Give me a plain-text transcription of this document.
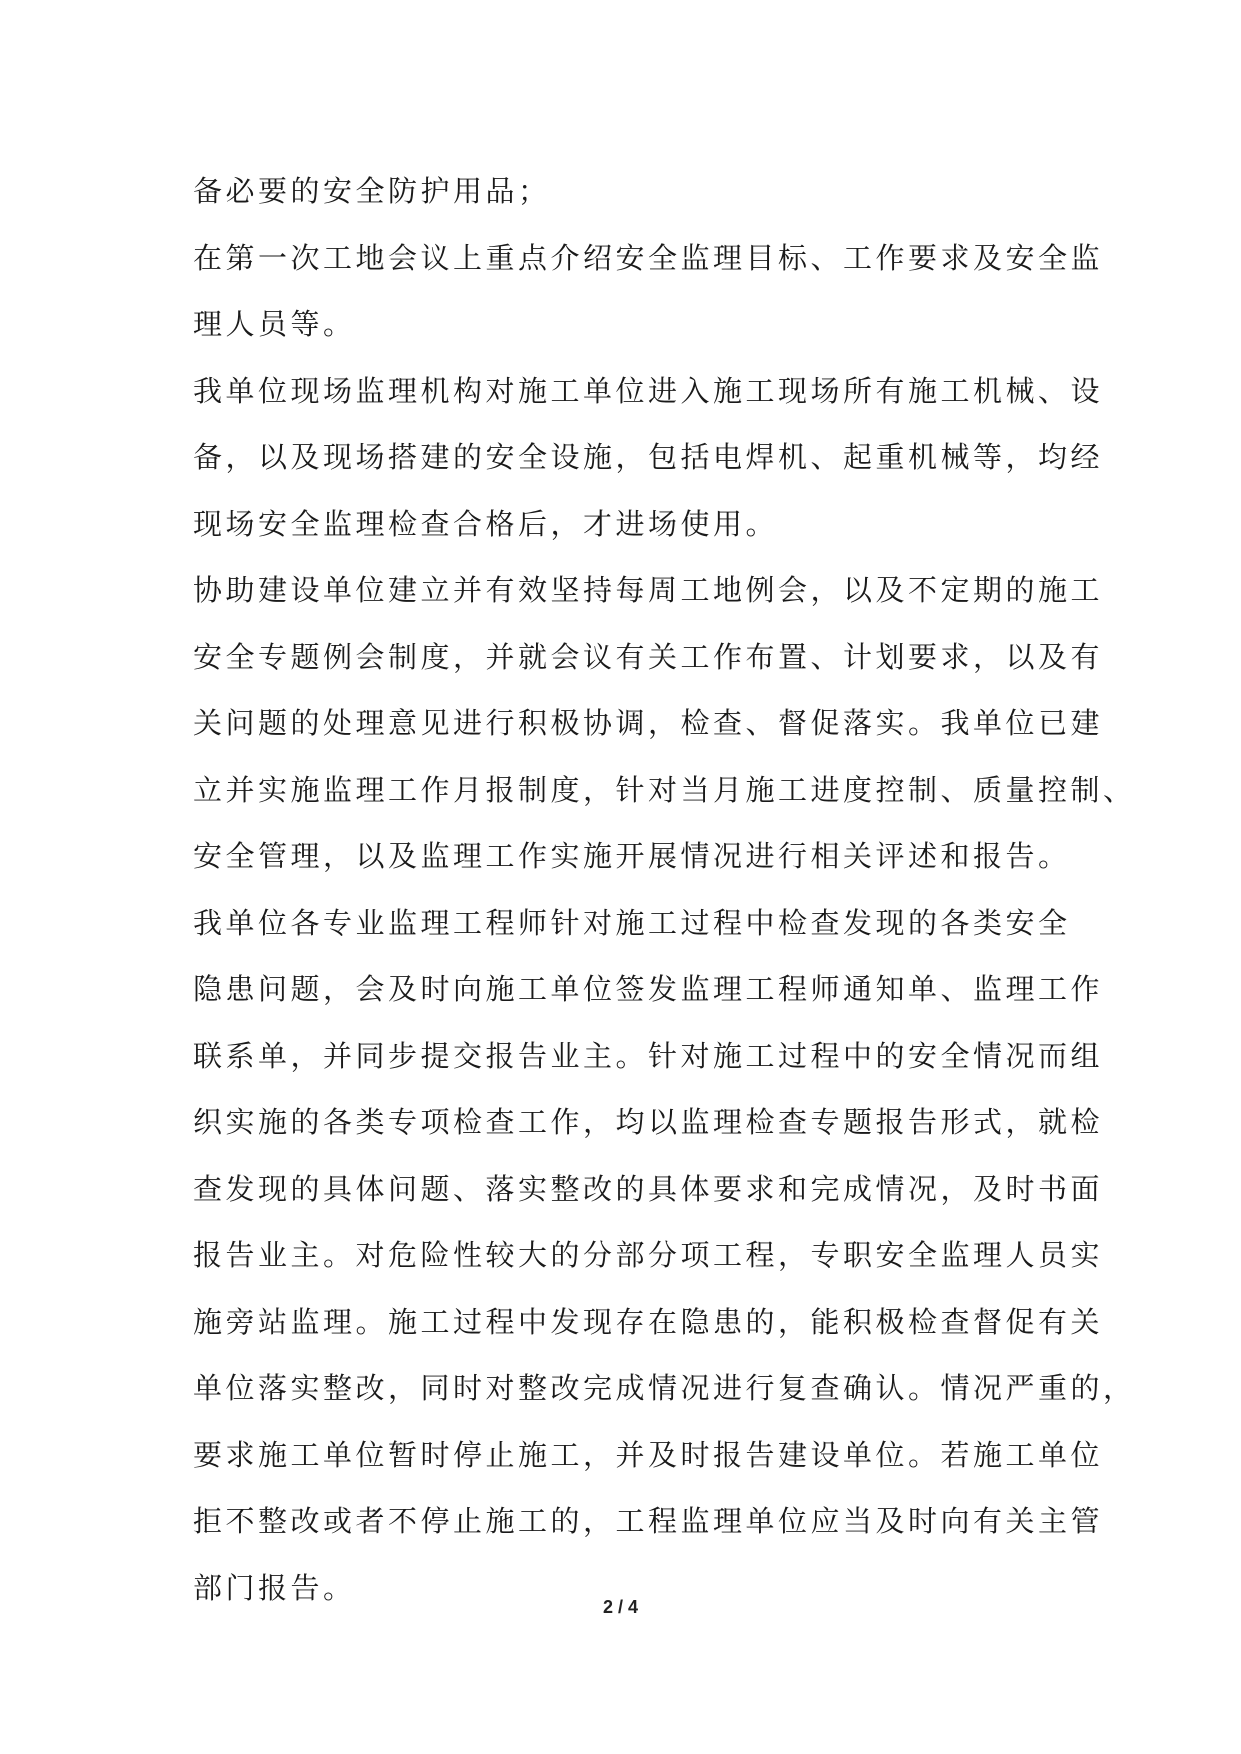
备必要的安全防护用品；
在第一次工地会议上重点介绍安全监理目标、工作要求及安全监
理人员等。
我单位现场监理机构对施工单位进入施工现场所有施工机械、设
备，以及现场搭建的安全设施，包括电焊机、起重机械等，均经
现场安全监理检查合格后，才进场使用。
协助建设单位建立并有效坚持每周工地例会，以及不定期的施工
安全专题例会制度，并就会议有关工作布置、计划要求，以及有
关问题的处理意见进行积极协调，检查、督促落实。我单位已建
立并实施监理工作月报制度，针对当月施工进度控制、质量控制、
安全管理，以及监理工作实施开展情况进行相关评述和报告。
我单位各专业监理工程师针对施工过程中检查发现的各类安全
隐患问题，会及时向施工单位签发监理工程师通知单、监理工作
联系单，并同步提交报告业主。针对施工过程中的安全情况而组
织实施的各类专项检查工作，均以监理检查专题报告形式，就检
查发现的具体问题、落实整改的具体要求和完成情况，及时书面
报告业主。对危险性较大的分部分项工程，专职安全监理人员实
施旁站监理。施工过程中发现存在隐患的，能积极检查督促有关
单位落实整改，同时对整改完成情况进行复查确认。情况严重的，
要求施工单位暂时停止施工，并及时报告建设单位。若施工单位
拒不整改或者不停止施工的，工程监理单位应当及时向有关主管
部门报告。
2 / 4
